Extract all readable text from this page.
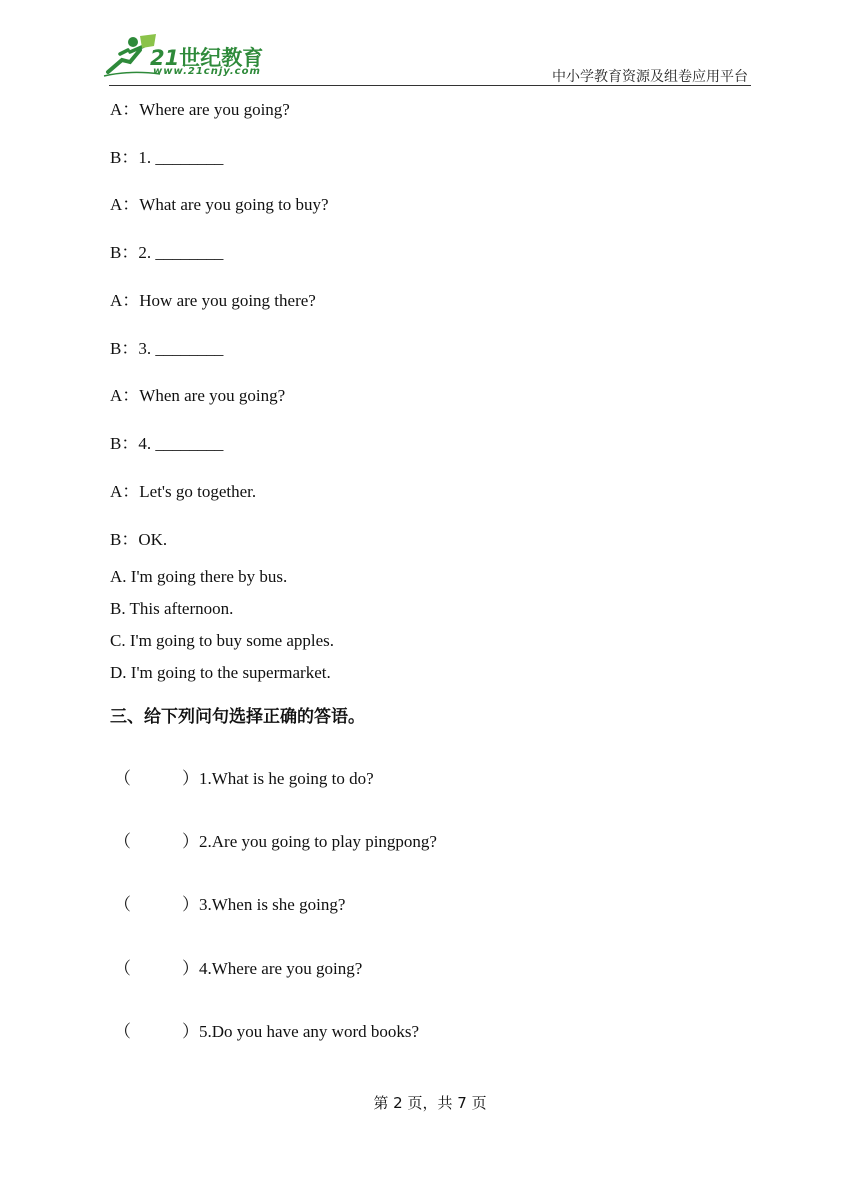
21世纪教育
www.21cnjy.com	中小学教育资源及组卷应用平台
A：Where are you going?
B：1. ________
A：What are you going to buy?
B：2. ________
A：How are you going there?
B：3. ________
A：When are you going?
B：4. ________
A：Let's go together.
B：OK.
A. I'm going there by bus.
B. This afternoon.
C. I'm going to buy some apples.
D. I'm going to the supermarket.
三、给下列问句选择正确的答语。
（	）1.What is he going to do?
（	）2.Are you going to play pingpong?
（	）3.When is she going?
（	）4.Where are you going?
（	）5.Do you have any word books?
第 2 页，共 7 页
